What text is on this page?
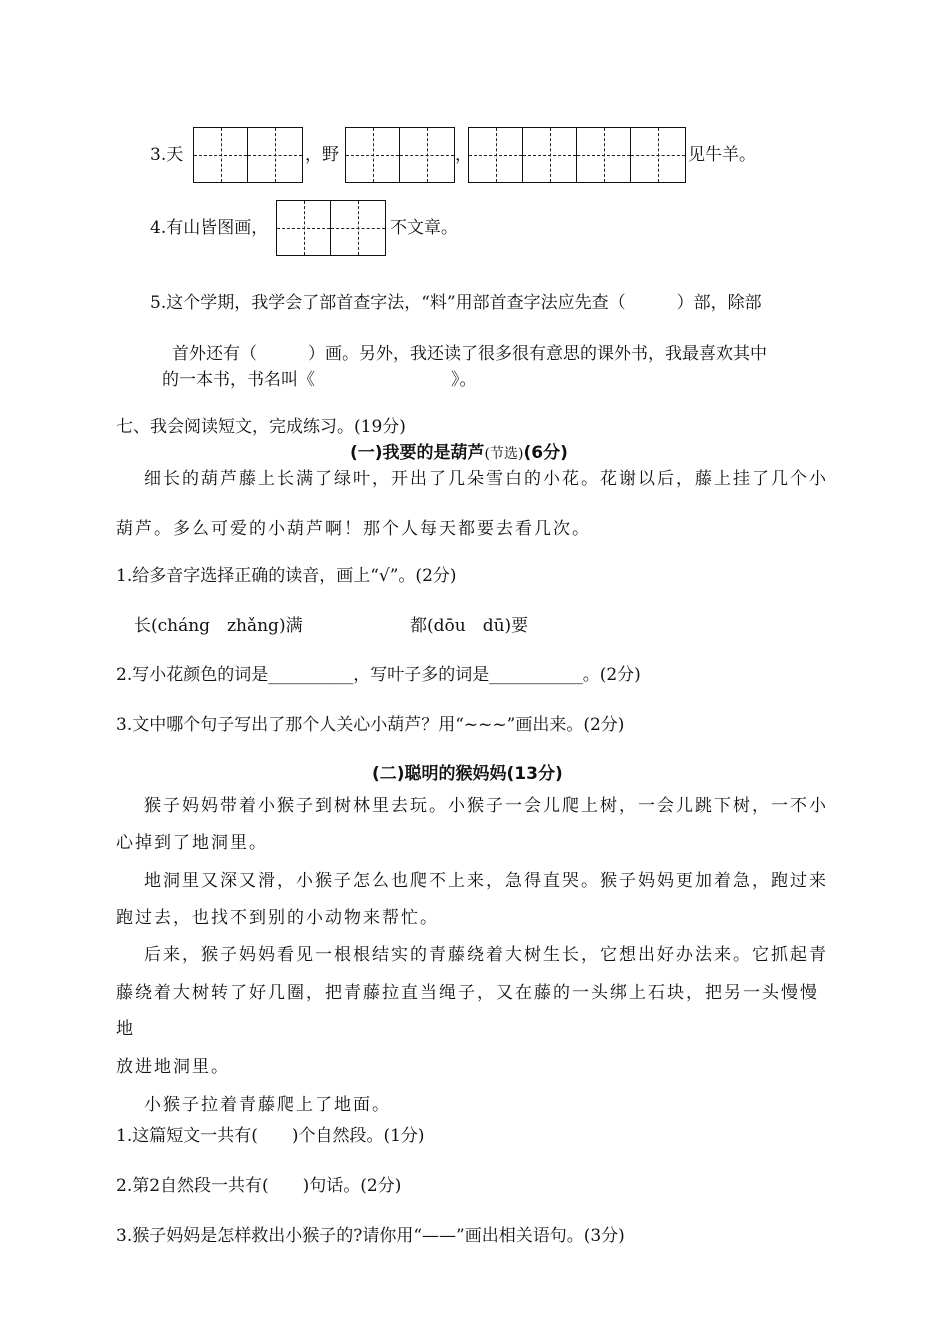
3.天	，野	，	见牛羊。
4.有山皆图画，	不文章。
5.这个学期，我学会了部首查字法，“料”用部首查字法应先查（　　　）部，除部
首外还有（　　　）画。另外，我还读了很多很有意思的课外书，我最喜欢其中
的一本书，书名叫《　　　　　　　　》。
七、我会阅读短文，完成练习。(19分)
(一)我要的是葫芦(节选)(6分)
细长的葫芦藤上长满了绿叶，开出了几朵雪白的小花。花谢以后，藤上挂了几个小
葫芦。多么可爱的小葫芦啊！那个人每天都要去看几次。
1.给多音字选择正确的读音，画上“√”。(2分)
长(cháng　zhǎng)满	都(dōu　dū)要
2.写小花颜色的词是__________，写叶子多的词是___________。(2分)
3.文中哪个句子写出了那个人关心小葫芦？用“~~~”画出来。(2分)
(二)聪明的猴妈妈(13分)
猴子妈妈带着小猴子到树林里去玩。小猴子一会儿爬上树，一会儿跳下树，一不小
心掉到了地洞里。
地洞里又深又滑，小猴子怎么也爬不上来，急得直哭。猴子妈妈更加着急，跑过来
跑过去，也找不到别的小动物来帮忙。
后来，猴子妈妈看见一根根结实的青藤绕着大树生长，它想出好办法来。它抓起青
藤绕着大树转了好几圈，把青藤拉直当绳子，又在藤的一头绑上石块，把另一头慢慢
地
放进地洞里。
小猴子拉着青藤爬上了地面。
1.这篇短文一共有(　　)个自然段。(1分)
2.第2自然段一共有(　　)句话。(2分)
3.猴子妈妈是怎样救出小猴子的?请你用“——”画出相关语句。(3分)
